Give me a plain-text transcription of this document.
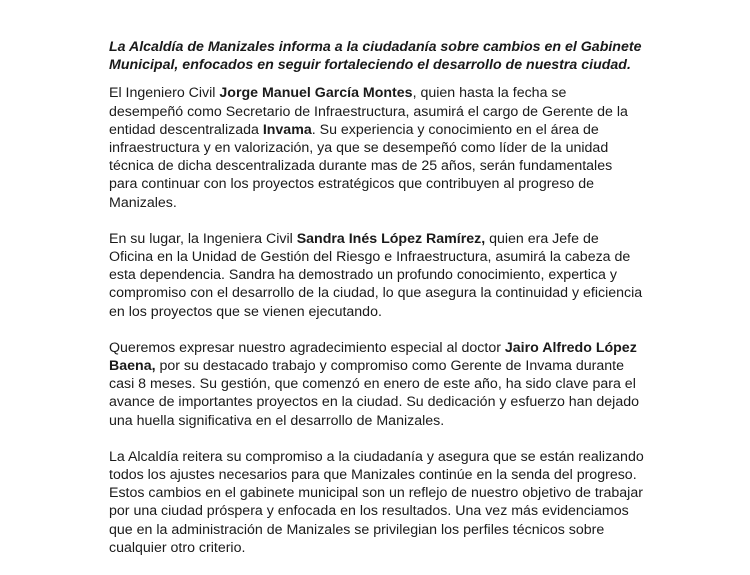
La Alcaldía de Manizales informa a la ciudadanía sobre cambios en el Gabinete Municipal, enfocados en seguir fortaleciendo el desarrollo de nuestra ciudad.

El Ingeniero Civil Jorge Manuel García Montes, quien hasta la fecha se desempeñó como Secretario de Infraestructura, asumirá el cargo de Gerente de la entidad descentralizada Invama. Su experiencia y conocimiento en el área de infraestructura y en valorización, ya que se desempeñó como líder de la unidad técnica de dicha descentralizada durante mas de 25 años, serán fundamentales para continuar con los proyectos estratégicos que contribuyen al progreso de Manizales.

En su lugar, la Ingeniera Civil Sandra Inés López Ramírez, quien era Jefe de Oficina en la Unidad de Gestión del Riesgo e Infraestructura, asumirá la cabeza de esta dependencia. Sandra ha demostrado un profundo conocimiento, expertica y compromiso con el desarrollo de la ciudad, lo que asegura la continuidad y eficiencia en los proyectos que se vienen ejecutando.

Queremos expresar nuestro agradecimiento especial al doctor Jairo Alfredo López Baena, por su destacado trabajo y compromiso como Gerente de Invama durante casi 8 meses. Su gestión, que comenzó en enero de este año, ha sido clave para el avance de importantes proyectos en la ciudad. Su dedicación y esfuerzo han dejado una huella significativa en el desarrollo de Manizales.

La Alcaldía reitera su compromiso a la ciudadanía y asegura que se están realizando todos los ajustes necesarios para que Manizales continúe en la senda del progreso. Estos cambios en el gabinete municipal son un reflejo de nuestro objetivo de trabajar por una ciudad próspera y enfocada en los resultados. Una vez más evidenciamos que en la administración de Manizales se privilegian los perfiles técnicos sobre cualquier otro criterio.
